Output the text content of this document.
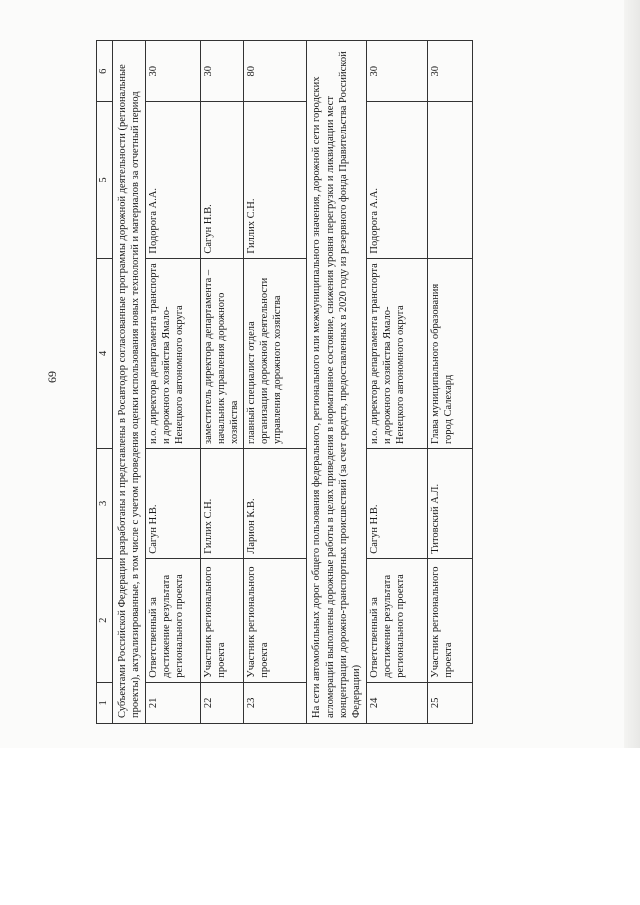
69
1	2	3	4	5	6
Субъектами Российской Федерации разработаны и представлены в Росавтодор согласованные программы дорожной деятельности (региональные проекты), актуализированные, в том числе с учетом проведения оценки использования новых технологий и материалов за отчетный период					
21	Ответственный за достижение результата регионального проекта	Сагун Н.В.	и.о. директора департамента транспорта и дорожного хозяйства Ямало-Ненецкого автономного округа	Подорога А.А.	30
22	Участник регионального проекта	Гиллих С.Н.	заместитель директора департамента – начальник управления дорожного хозяйства	Сагун Н.В.	30
23	Участник регионального проекта	Ларион К.В.	главный специалист отдела организации дорожной деятельности управления дорожного хозяйства	Гиллих С.Н.	80
На сети автомобильных дорог общего пользования федерального, регионального или межмуниципального значения, дорожной сети городских агломераций выполнены дорожные работы в целях приведения в нормативное состояние, снижения уровня перегрузки и ликвидации мест концентрации дорожно-транспортных происшествий (за счет средств, предоставленных в 2020 году из резервного фонда Правительства Российской Федерации)					
24	Ответственный за достижение результата регионального проекта	Сагун Н.В.	и.о. директора департамента транспорта и дорожного хозяйства Ямало-Ненецкого автономного округа	Подорога А.А.	30
25	Участник регионального проекта	Титовский А.Л.	Глава муниципального образования город Салехард		30
